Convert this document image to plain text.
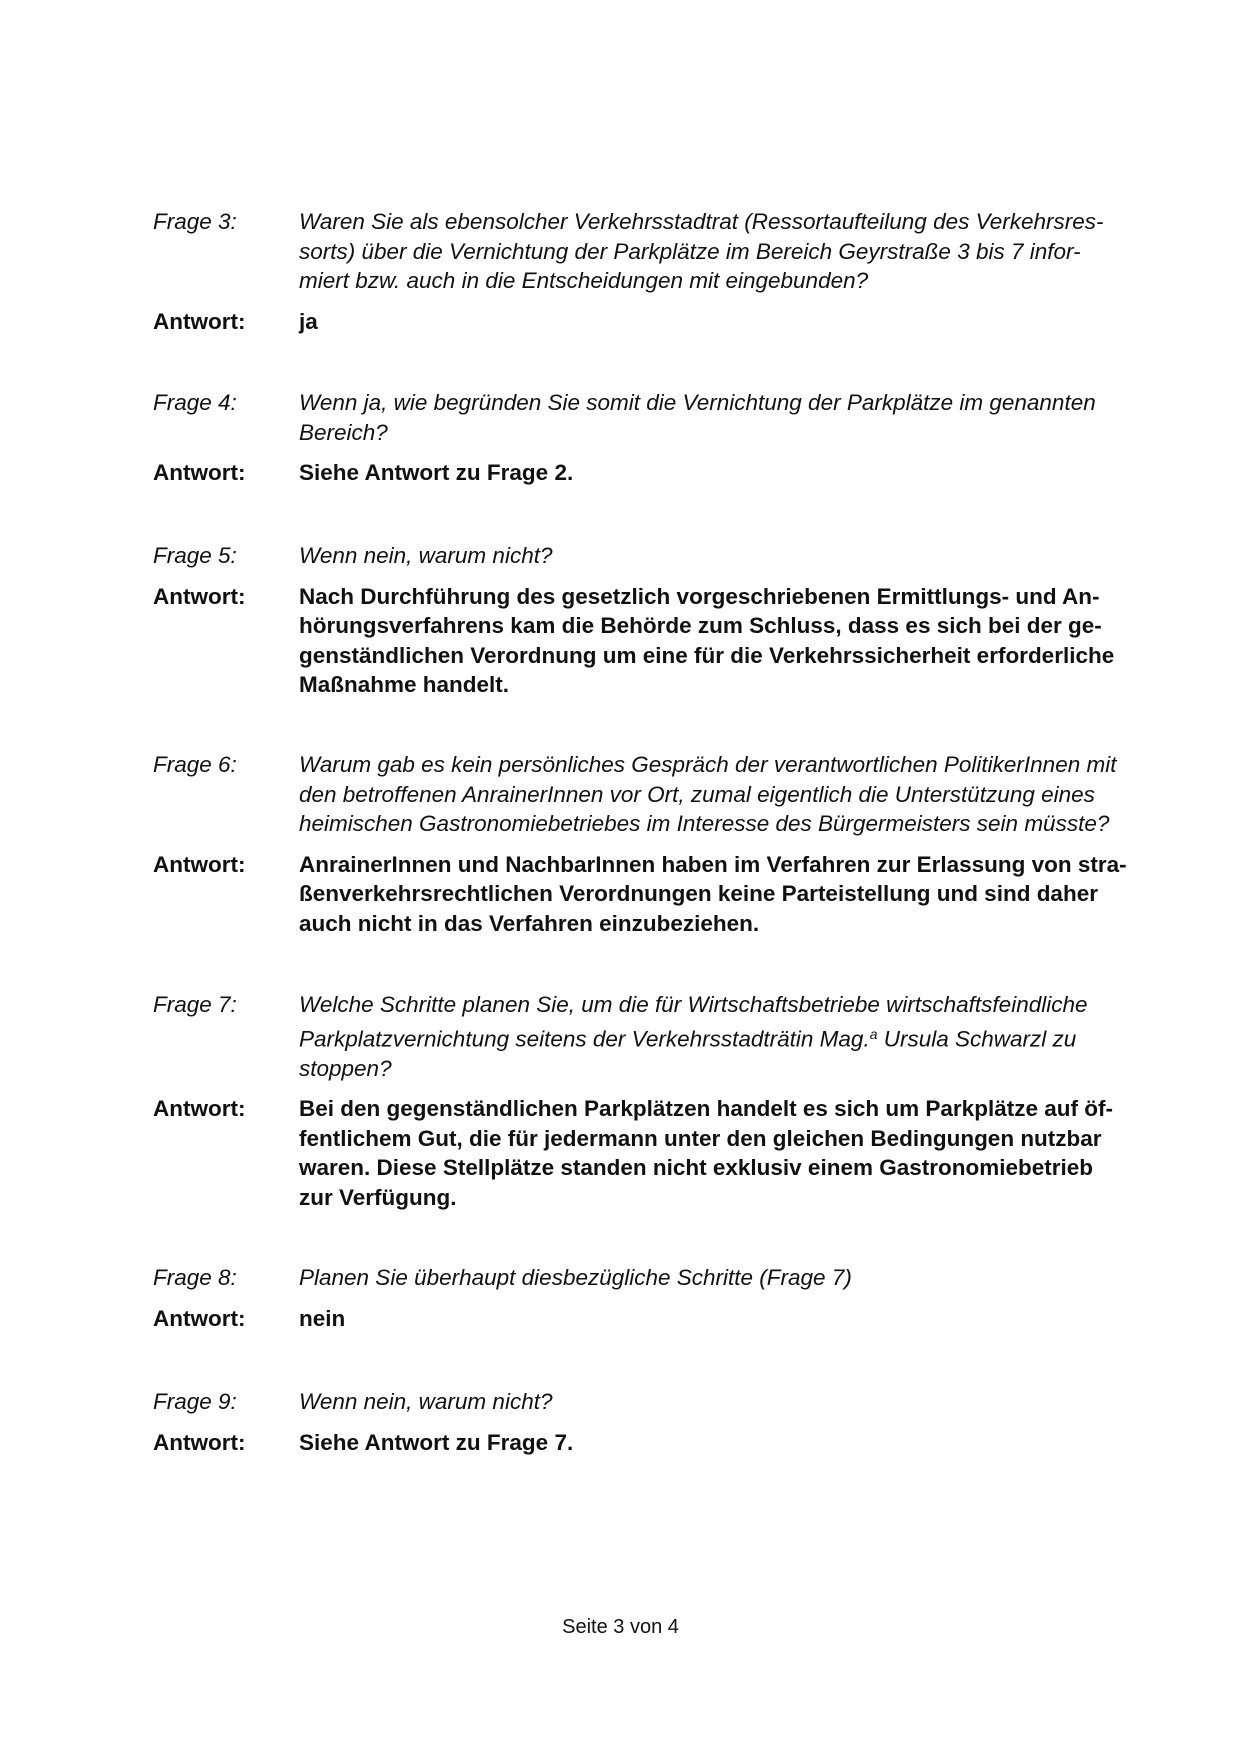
Frage 3:	Waren Sie als ebensolcher Verkehrsstadtrat (Ressortaufteilung des Verkehrsres-
sorts) über die Vernichtung der Parkplätze im Bereich Geyrstraße 3 bis 7 infor-
miert bzw. auch in die Entscheidungen mit eingebunden?
Antwort:	ja
Frage 4:	Wenn ja, wie begründen Sie somit die Vernichtung der Parkplätze im genannten
Bereich?
Antwort:	Siehe Antwort zu Frage 2.
Frage 5:	Wenn nein, warum nicht?
Antwort:	Nach Durchführung des gesetzlich vorgeschriebenen Ermittlungs- und An-
hörungsverfahrens kam die Behörde zum Schluss, dass es sich bei der ge-
genständlichen Verordnung um eine für die Verkehrssicherheit erforderliche
Maßnahme handelt.
Frage 6:	Warum gab es kein persönliches Gespräch der verantwortlichen PolitikerInnen mit
den betroffenen AnrainerInnen vor Ort, zumal eigentlich die Unterstützung eines
heimischen Gastronomiebetriebes im Interesse des Bürgermeisters sein müsste?
Antwort:	AnrainerInnen und NachbarInnen haben im Verfahren zur Erlassung von stra-
ßenverkehrsrechtlichen Verordnungen keine Parteistellung und sind daher
auch nicht in das Verfahren einzubeziehen.
Frage 7:	Welche Schritte planen Sie, um die für Wirtschaftsbetriebe wirtschaftsfeindliche
Parkplatzvernichtung seitens der Verkehrsstadträtin Mag.$^a$ Ursula Schwarzl zu
stoppen?
Antwort:	Bei den gegenständlichen Parkplätzen handelt es sich um Parkplätze auf öf-
fentlichem Gut, die für jedermann unter den gleichen Bedingungen nutzbar
waren. Diese Stellplätze standen nicht exklusiv einem Gastronomiebetrieb
zur Verfügung.
Frage 8:	Planen Sie überhaupt diesbezügliche Schritte (Frage 7)
Antwort:	nein
Frage 9:	Wenn nein, warum nicht?
Antwort:	Siehe Antwort zu Frage 7.
Seite 3 von 4
